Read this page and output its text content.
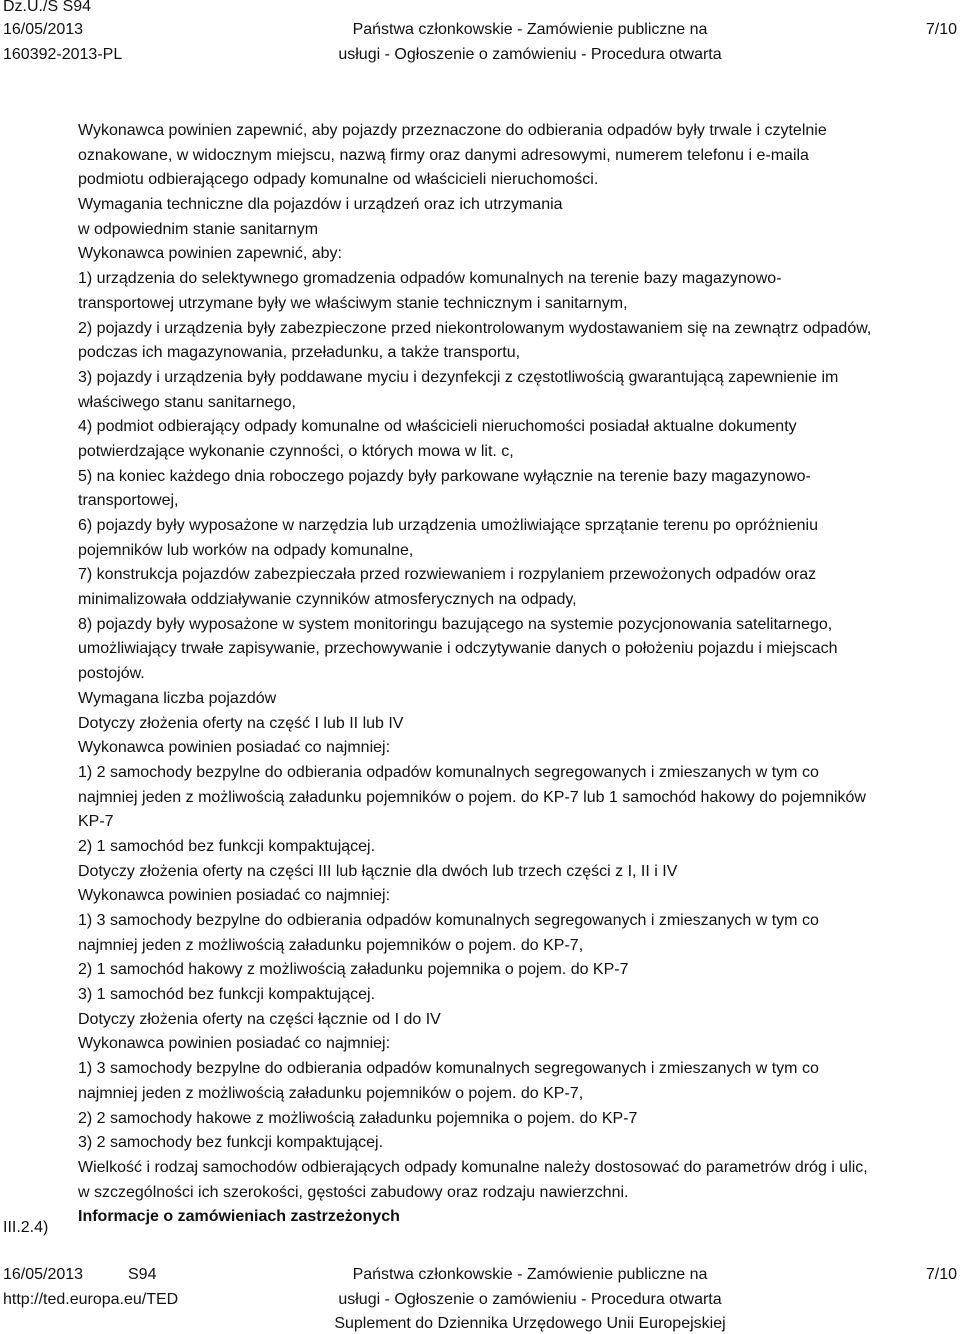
Dz.U./S S94
16/05/2013
160392-2013-PL
Państwa członkowskie - Zamówienie publiczne na
usługi - Ogłoszenie o zamówieniu - Procedura otwarta
7/10

Wykonawca powinien zapewnić, aby pojazdy przeznaczone do odbierania odpadów były trwale i czytelnie

oznakowane, w widocznym miejscu, nazwą firmy oraz danymi adresowymi, numerem telefonu i e-maila

podmiotu odbierającego odpady komunalne od właścicieli nieruchomości.

Wymagania techniczne dla pojazdów i urządzeń oraz ich utrzymania

w odpowiednim stanie sanitarnym

Wykonawca powinien zapewnić, aby:

1) urządzenia do selektywnego gromadzenia odpadów komunalnych na terenie bazy magazynowo-

transportowej utrzymane były we właściwym stanie technicznym i sanitarnym,

2) pojazdy i urządzenia były zabezpieczone przed niekontrolowanym wydostawaniem się na zewnątrz odpadów,

podczas ich magazynowania, przeładunku, a także transportu,

3) pojazdy i urządzenia były poddawane myciu i dezynfekcji z częstotliwością gwarantującą zapewnienie im

właściwego stanu sanitarnego,

4) podmiot odbierający odpady komunalne od właścicieli nieruchomości posiadał aktualne dokumenty

potwierdzające wykonanie czynności, o których mowa w lit. c,

5) na koniec każdego dnia roboczego pojazdy były parkowane wyłącznie na terenie bazy magazynowo-

transportowej,

6) pojazdy były wyposażone w narzędzia lub urządzenia umożliwiające sprzątanie terenu po opróżnieniu

pojemników lub worków na odpady komunalne,

7) konstrukcja pojazdów zabezpieczała przed rozwiewaniem i rozpylaniem przewożonych odpadów oraz

minimalizowała oddziaływanie czynników atmosferycznych na odpady,

8) pojazdy były wyposażone w system monitoringu bazującego na systemie pozycjonowania satelitarnego,

umożliwiający trwałe zapisywanie, przechowywanie i odczytywanie danych o położeniu pojazdu i miejscach

postojów.

Wymagana liczba pojazdów

Dotyczy złożenia oferty na część I lub II lub IV

Wykonawca powinien posiadać co najmniej:

1) 2 samochody bezpylne do odbierania odpadów komunalnych segregowanych i zmieszanych w tym co

najmniej jeden z możliwością załadunku pojemników o pojem. do KP-7 lub 1 samochód hakowy do pojemników

KP-7

2) 1 samochód bez funkcji kompaktującej.

Dotyczy złożenia oferty na części III lub łącznie dla dwóch lub trzech części z I, II i IV

Wykonawca powinien posiadać co najmniej:

1) 3 samochody bezpylne do odbierania odpadów komunalnych segregowanych i zmieszanych w tym co

najmniej jeden z możliwością załadunku pojemników o pojem. do KP-7,

2) 1 samochód hakowy z możliwością załadunku pojemnika o pojem. do KP-7

3) 1 samochód bez funkcji kompaktującej.

Dotyczy złożenia oferty na części łącznie od I do IV

Wykonawca powinien posiadać co najmniej:

1) 3 samochody bezpylne do odbierania odpadów komunalnych segregowanych i zmieszanych w tym co

najmniej jeden z możliwością załadunku pojemników o pojem. do KP-7,

2) 2 samochody hakowe z możliwością załadunku pojemnika o pojem. do KP-7

3) 2 samochody bez funkcji kompaktującej.

Wielkość i rodzaj samochodów odbierających odpady komunalne należy dostosować do parametrów dróg i ulic,

w szczególności ich szerokości, gęstości zabudowy oraz rodzaju nawierzchni.

Informacje o zamówieniach zastrzeżonych

III.2.4)
16/05/2013	S94
http://ted.europa.eu/TED
Państwa członkowskie - Zamówienie publiczne na
usługi - Ogłoszenie o zamówieniu - Procedura otwarta
Suplement do Dziennika Urzędowego Unii Europejskiej
7/10
